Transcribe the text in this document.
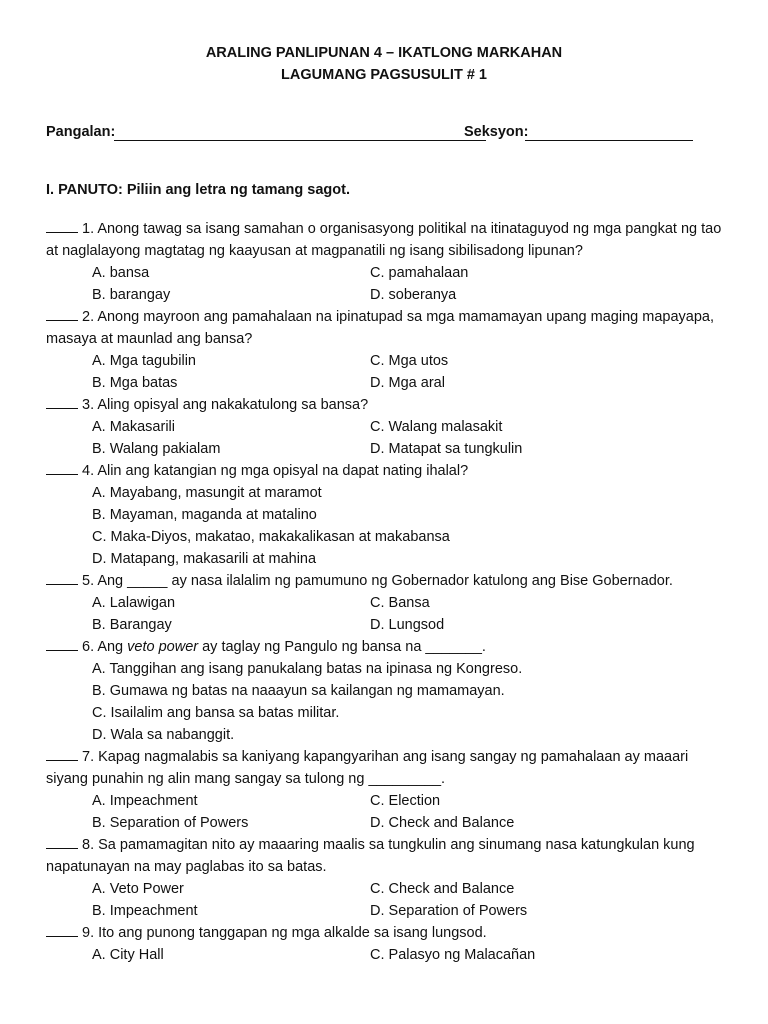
ARALING PANLIPUNAN 4 – IKATLONG MARKAHAN
LAGUMANG PAGSUSULIT # 1
Pangalan:	Seksyon:
I. PANUTO: Piliin ang letra ng tamang sagot.
1. Anong tawag sa isang samahan o organisasyong politikal na itinataguyod ng mga pangkat ng tao at naglalayong magtatag ng kaayusan at magpanatili ng isang sibilisadong lipunan?
A. bansa	C. pamahalaan
B. barangay	D. soberanya
2. Anong mayroon ang pamahalaan na ipinatupad sa mga mamamayan upang maging mapayapa, masaya at maunlad ang bansa?
A. Mga tagubilin	C. Mga utos
B. Mga batas	D. Mga aral
3. Aling opisyal ang nakakatulong sa bansa?
A. Makasarili	C. Walang malasakit
B. Walang pakialam	D. Matapat sa tungkulin
4. Alin ang katangian ng mga opisyal na dapat nating ihalal?
A. Mayabang, masungit at maramot
B. Mayaman, maganda at matalino
C. Maka-Diyos, makatao, makakalikasan at makabansa
D. Matapang, makasarili at mahina
5. Ang _____ ay nasa ilalalim ng pamumuno ng Gobernador katulong ang Bise Gobernador.
A. Lalawigan	C. Bansa
B. Barangay	D. Lungsod
6. Ang veto power ay taglay ng Pangulo ng bansa na _______.
A. Tanggihan ang isang panukalang batas na ipinasa ng Kongreso.
B. Gumawa ng batas na naaayun sa kailangan ng mamamayan.
C. Isailalim ang bansa sa batas militar.
D. Wala sa nabanggit.
7. Kapag nagmalabis sa kaniyang kapangyarihan ang isang sangay ng pamahalaan ay maaari siyang punahin ng alin mang sangay sa tulong ng _________.
A. Impeachment	C. Election
B. Separation of Powers	D. Check and Balance
8. Sa pamamagitan nito ay maaaring maalis sa tungkulin ang sinumang nasa katungkulan kung napatunayan na may paglabas ito sa batas.
A. Veto Power	C. Check and Balance
B. Impeachment	D. Separation of Powers
9. Ito ang punong tanggapan ng mga alkalde sa isang lungsod.
A. City Hall	C. Palasyo ng Malacañan
